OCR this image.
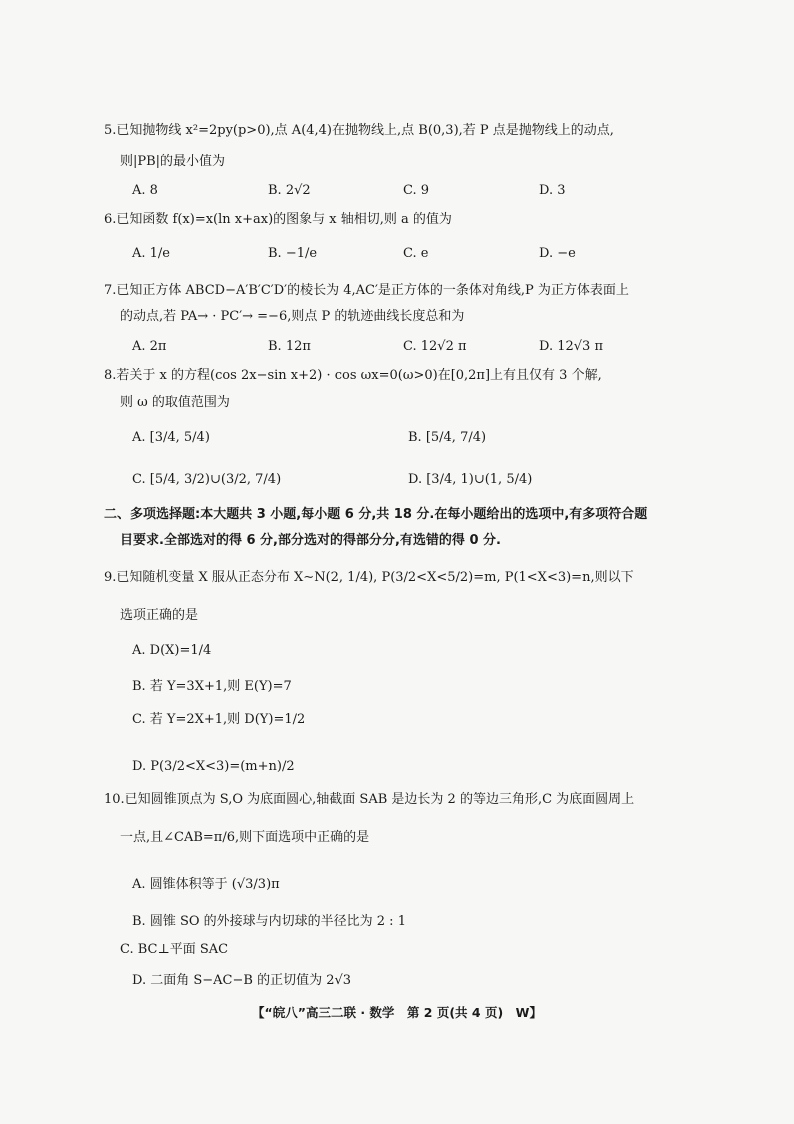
5.已知抛物线 x²=2py(p>0),点 A(4,4)在抛物线上,点 B(0,3),若 P 点是抛物线上的动点,
则|PB|的最小值为
A. 8	B. 2√2	C. 9	D. 3
6.已知函数 f(x)=x(ln x+ax)的图象与 x 轴相切,则 a 的值为
A. 1/e	B. −1/e	C. e	D. −e
7.已知正方体 ABCD−A′B′C′D′的棱长为 4,AC′是正方体的一条体对角线,P 为正方体表面上
的动点,若 PA→ · PC′→ =−6,则点 P 的轨迹曲线长度总和为
A. 2π	B. 12π	C. 12√2 π	D. 12√3 π
8.若关于 x 的方程(cos 2x−sin x+2) · cos ωx=0(ω>0)在[0,2π]上有且仅有 3 个解,
则 ω 的取值范围为
A. [3/4, 5/4)	B. [5/4, 7/4)
C. [5/4, 3/2)∪(3/2, 7/4)	D. [3/4, 1)∪(1, 5/4)
二、多项选择题:本大题共 3 小题,每小题 6 分,共 18 分.在每小题给出的选项中,有多项符合题
目要求.全部选对的得 6 分,部分选对的得部分分,有选错的得 0 分.
9.已知随机变量 X 服从正态分布 X∼N(2, 1/4), P(3/2<X<5/2)=m, P(1<X<3)=n,则以下
选项正确的是
A. D(X)=1/4
B. 若 Y=3X+1,则 E(Y)=7
C. 若 Y=2X+1,则 D(Y)=1/2
D. P(3/2<X<3)=(m+n)/2
10.已知圆锥顶点为 S,O 为底面圆心,轴截面 SAB 是边长为 2 的等边三角形,C 为底面圆周上
一点,且∠CAB=π/6,则下面选项中正确的是
A. 圆锥体积等于 (√3/3)π
B. 圆锥 SO 的外接球与内切球的半径比为 2 : 1
C. BC⊥平面 SAC
D. 二面角 S−AC−B 的正切值为 2√3
【“皖八”高三二联 · 数学　第 2 页(共 4 页)　W】
